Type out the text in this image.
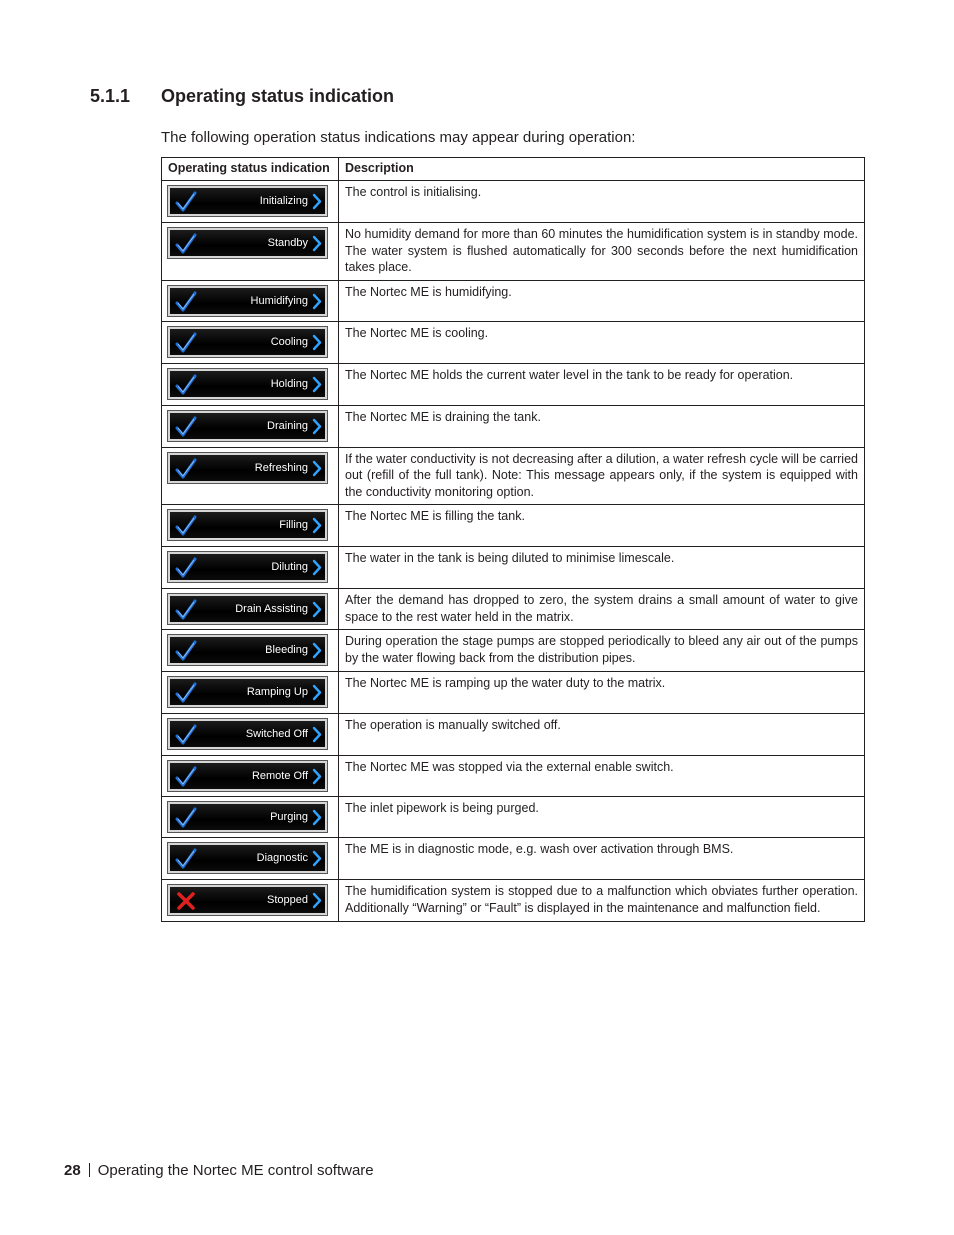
5.1.1 Operating status indication
The following operation status indications may appear during operation:
Operating status indication	Description

Initializing	The control is initialising.

Standby	No humidity demand for more than 60 minutes the humidification system is in standby mode. The water system is flushed automatically for 300 seconds before the next humidification takes place.

Humidifying	The Nortec ME is humidifying.

Cooling	The Nortec ME is cooling.

Holding	The Nortec ME holds the current water level in the tank to be ready for operation.

Draining	The Nortec ME is draining the tank.

Refreshing	If the water conductivity is not decreasing after a dilution, a water refresh cycle will be carried out (refill of the full tank). Note: This message appears only, if the system is equipped with the conductivity monitoring option.

Filling	The Nortec ME is filling the tank.

Diluting	The water in the tank is being diluted to minimise limescale.

Drain Assisting	After the demand has dropped to zero, the system drains a small amount of water to give space to the rest water held in the matrix.

Bleeding	During operation the stage pumps are stopped periodically to bleed any air out of the pumps by the water flowing back from the distribution pipes.

Ramping Up	The Nortec ME is ramping up the water duty to the matrix.

Switched Off	The operation is manually switched off.

Remote Off	The Nortec ME was stopped via the external enable switch.

Purging	The inlet pipework is being purged.

Diagnostic	The ME is in diagnostic mode, e.g. wash over activation through BMS.

Stopped	The humidification system is stopped due to a malfunction which obviates further operation. Additionally “Warning” or “Fault” is displayed in the maintenance and malfunction field.
28 Operating the Nortec ME control software
